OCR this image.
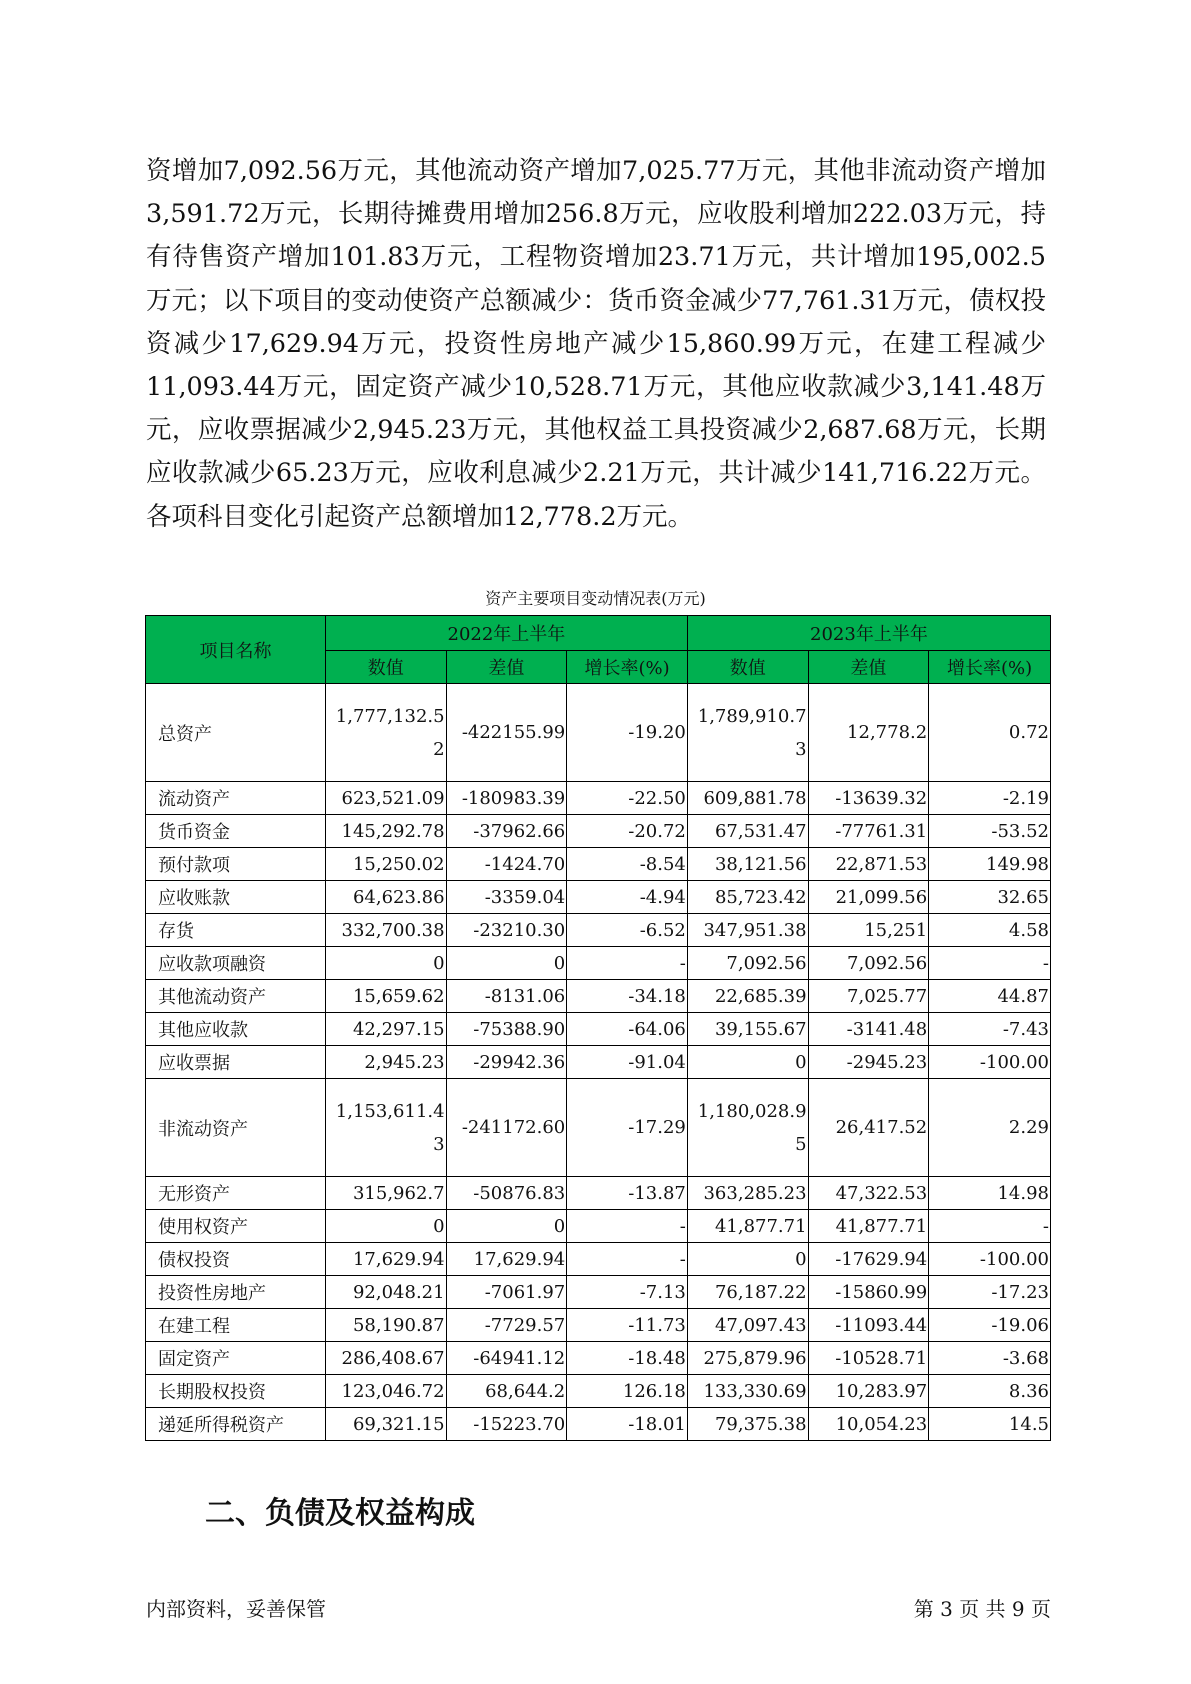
资增加7,092.56万元，其他流动资产增加7,025.77万元，其他非流动资产增加3,591.72万元，长期待摊费用增加256.8万元，应收股利增加222.03万元，持有待售资产增加101.83万元，工程物资增加23.71万元，共计增加195,002.5万元；以下项目的变动使资产总额减少：货币资金减少77,761.31万元，债权投资减少17,629.94万元，投资性房地产减少15,860.99万元，在建工程减少11,093.44万元，固定资产减少10,528.71万元，其他应收款减少3,141.48万元，应收票据减少2,945.23万元，其他权益工具投资减少2,687.68万元，长期应收款减少65.23万元，应收利息减少2.21万元，共计减少141,716.22万元。各项科目变化引起资产总额增加12,778.2万元。

资产主要项目变动情况表(万元)
项目名称	2022年上半年			2023年上半年		
	数值	差值	增长率(%)	数值	差值	增长率(%)
总资产	1,777,132.52	-422155.99	-19.20	1,789,910.73	12,778.2	0.72
流动资产	623,521.09	-180983.39	-22.50	609,881.78	-13639.32	-2.19
货币资金	145,292.78	-37962.66	-20.72	67,531.47	-77761.31	-53.52
预付款项	15,250.02	-1424.70	-8.54	38,121.56	22,871.53	149.98
应收账款	64,623.86	-3359.04	-4.94	85,723.42	21,099.56	32.65
存货	332,700.38	-23210.30	-6.52	347,951.38	15,251	4.58
应收款项融资	0	0	-	7,092.56	7,092.56	-
其他流动资产	15,659.62	-8131.06	-34.18	22,685.39	7,025.77	44.87
其他应收款	42,297.15	-75388.90	-64.06	39,155.67	-3141.48	-7.43
应收票据	2,945.23	-29942.36	-91.04	0	-2945.23	-100.00
非流动资产	1,153,611.43	-241172.60	-17.29	1,180,028.95	26,417.52	2.29
无形资产	315,962.7	-50876.83	-13.87	363,285.23	47,322.53	14.98
使用权资产	0	0	-	41,877.71	41,877.71	-
债权投资	17,629.94	17,629.94	-	0	-17629.94	-100.00
投资性房地产	92,048.21	-7061.97	-7.13	76,187.22	-15860.99	-17.23
在建工程	58,190.87	-7729.57	-11.73	47,097.43	-11093.44	-19.06
固定资产	286,408.67	-64941.12	-18.48	275,879.96	-10528.71	-3.68
长期股权投资	123,046.72	68,644.2	126.18	133,330.69	10,283.97	8.36
递延所得税资产	69,321.15	-15223.70	-18.01	79,375.38	10,054.23	14.5
二、负债及权益构成
内部资料，妥善保管	第 3 页 共 9 页
